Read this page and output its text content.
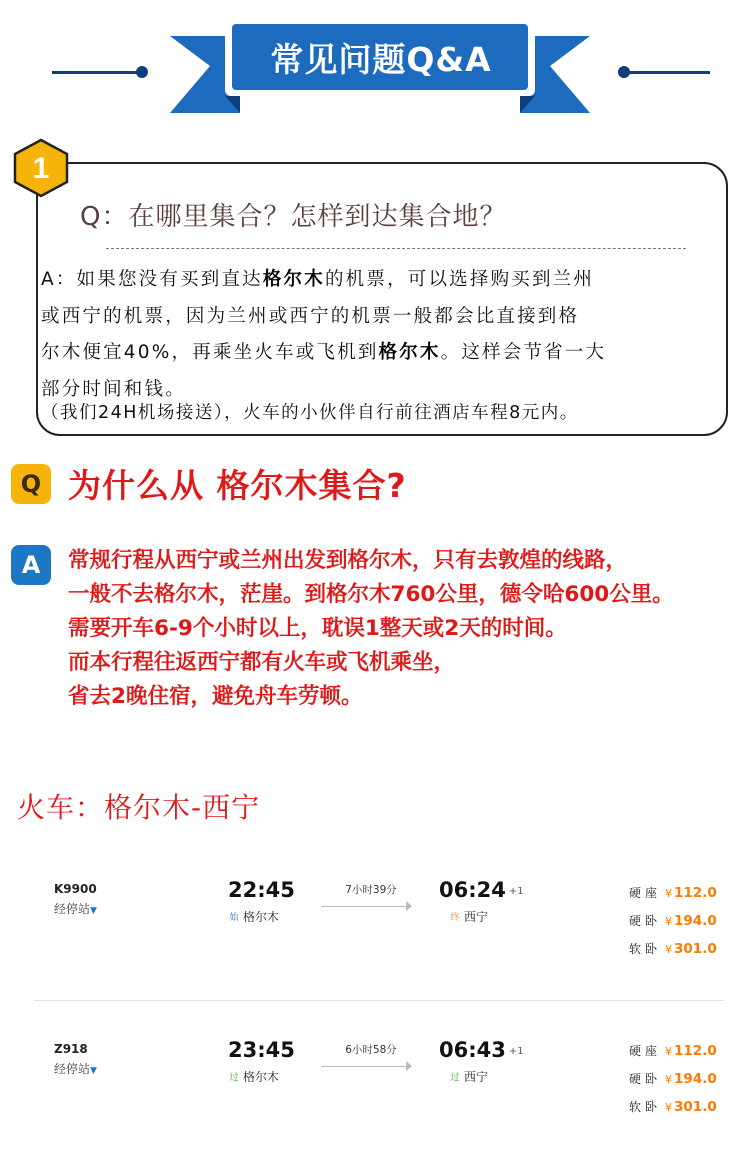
常见问题Q&A
1
Q：在哪里集合？怎样到达集合地？
A：如果您没有买到直达格尔木的机票，可以选择购买到兰州
或西宁的机票，因为兰州或西宁的机票一般都会比直接到格
尔木便宜40%，再乘坐火车或飞机到格尔木。这样会节省一大
部分时间和钱。
（我们24H机场接送），火车的小伙伴自行前往酒店车程8元内。
Q 为什么从 格尔木集合?
A	常规行程从西宁或兰州出发到格尔木，只有去敦煌的线路，
一般不去格尔木，茫崖。到格尔木760公里，德令哈600公里。
需要开车6-9个小时以上，耽误1整天或2天的时间。
而本行程往返西宁都有火车或飞机乘坐，
省去2晚住宿，避免舟车劳顿。
火车：格尔木-西宁
K9900
经停站▼
22:45
始 格尔木
7小时39分	06:24 +1
终 西宁
硬座 ¥ 112.0
硬卧 ¥ 194.0
软卧 ¥ 301.0
Z918
经停站▼
23:45
过 格尔木
6小时58分	06:43 +1
过 西宁
硬座 ¥ 112.0
硬卧 ¥ 194.0
软卧 ¥ 301.0
